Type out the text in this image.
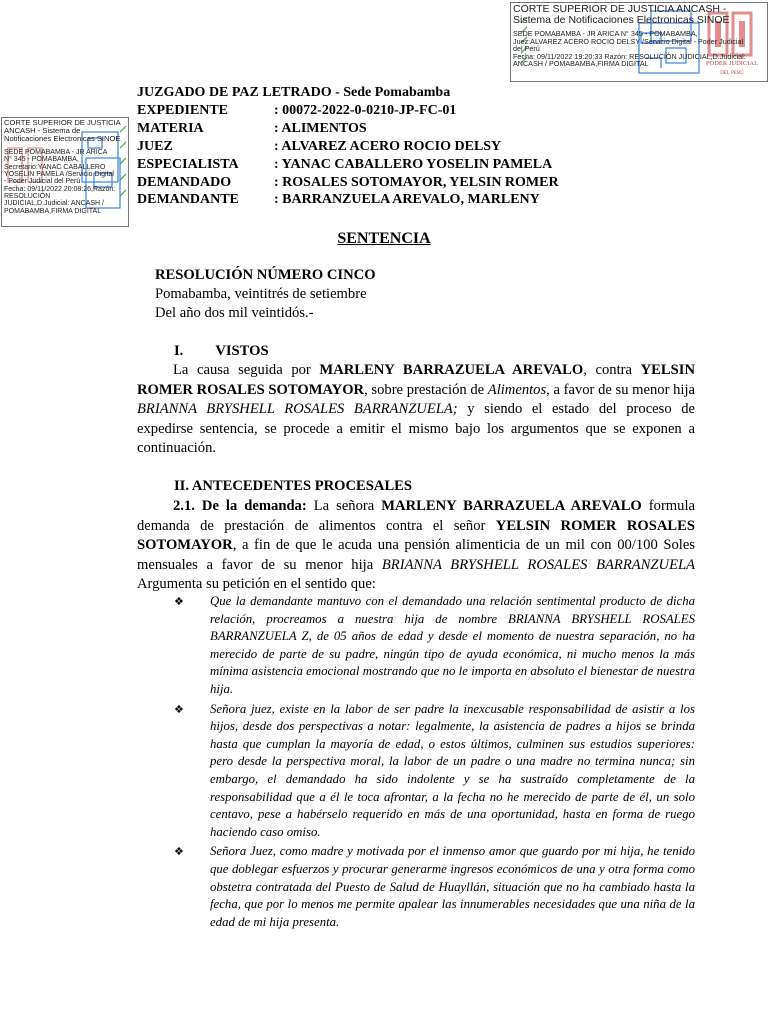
PODER JUDICIAL
DEL PERÚ
CORTE SUPERIOR DE JUSTICIA ANCASH -
Sistema de Notificaciones Electronicas SINOE
SEDE POMABAMBA - JR ARICA N° 345 - POMABAMBA,
Juez:ALVAREZ ACERO ROCIO DELSY /Servicio Digital - Poder Judicial
del Perú
Fecha: 09/11/2022 19:20:33 Razón: RESOLUCIÓN JUDICIAL,D.Judicial:
ANCASH / POMABAMBA,FIRMA DIGITAL
CORTE SUPERIOR DE JUSTICIA
ANCASH - Sistema de
Notificaciones Electronicas SINOE
SEDE POMABAMBA - JR ARICA
N° 345 - POMABAMBA,
Secretario:YANAC CABALLERO
YOSELIN PAMELA /Servicio Digital
- Poder Judicial del Perú
Fecha: 09/11/2022 20:08:26,Razón:
RESOLUCIÓN
JUDICIAL,D.Judicial: ANCASH /
POMABAMBA,FIRMA DIGITAL
JUZGADO DE PAZ LETRADO - Sede Pomabamba
EXPEDIENTE	: 00072-2022-0-0210-JP-FC-01
MATERIA	: ALIMENTOS
JUEZ	: ALVAREZ ACERO ROCIO DELSY
ESPECIALISTA	: YANAC CABALLERO YOSELIN PAMELA
DEMANDADO	: ROSALES SOTOMAYOR, YELSIN ROMER
DEMANDANTE	: BARRANZUELA AREVALO, MARLENY
SENTENCIA
RESOLUCIÓN NÚMERO CINCO
Pomabamba, veintitrés de setiembre
Del año dos mil veintidós.-
I. VISTOS
La causa seguida por MARLENY BARRAZUELA AREVALO, contra YELSIN ROMER ROSALES SOTOMAYOR, sobre prestación de Alimentos, a favor de su menor hija BRIANNA BRYSHELL ROSALES BARRANZUELA; y siendo el estado del proceso de expedirse sentencia, se procede a emitir el mismo bajo los argumentos que se exponen a continuación.
II. ANTECEDENTES PROCESALES
2.1. De la demanda: La señora MARLENY BARRAZUELA AREVALO formula demanda de prestación de alimentos contra el señor YELSIN ROMER ROSALES SOTOMAYOR, a fin de que le acuda una pensión alimenticia de un mil con 00/100 Soles mensuales a favor de su menor hija BRIANNA BRYSHELL ROSALES BARRANZUELA Argumenta su petición en el sentido que:
❖	Que la demandante mantuvo con el demandado una relación sentimental producto de dicha relación, procreamos a nuestra hija de nombre BRIANNA BRYSHELL ROSALES BARRANZUELA Z, de 05 años de edad y desde el momento de nuestra separación, no ha merecido de parte de su padre, ningún tipo de ayuda económica, ni mucho menos la más mínima asistencia emocional mostrando que no le importa en absoluto el bienestar de nuestra hija.
❖	Señora juez, existe en la labor de ser padre la inexcusable responsabilidad de asistir a los hijos, desde dos perspectivas a notar: legalmente, la asistencia de padres a hijos se brinda hasta que cumplan la mayoría de edad, o estos últimos, culminen sus estudios superiores: pero desde la perspectiva moral, la labor de un padre o una madre no termina nunca; sin embargo, el demandado ha sido indolente y se ha sustraído completamente de la responsabilidad que a él le toca afrontar, a la fecha no he merecido de parte de él, un solo centavo, pese a habérselo requerido en más de una oportunidad, hasta en forma de ruego haciendo caso omiso.
❖	Señora Juez, como madre y motivada por el inmenso amor que guardo por mi hija, he tenido que doblegar esfuerzos y procurar generarme ingresos económicos de una y otra forma como obstetra contratada del Puesto de Salud de Huayllán, situación que no ha cambiado hasta la fecha, que por lo menos me permite apalear las innumerables necesidades que una niña de la edad de mi hija presenta.
